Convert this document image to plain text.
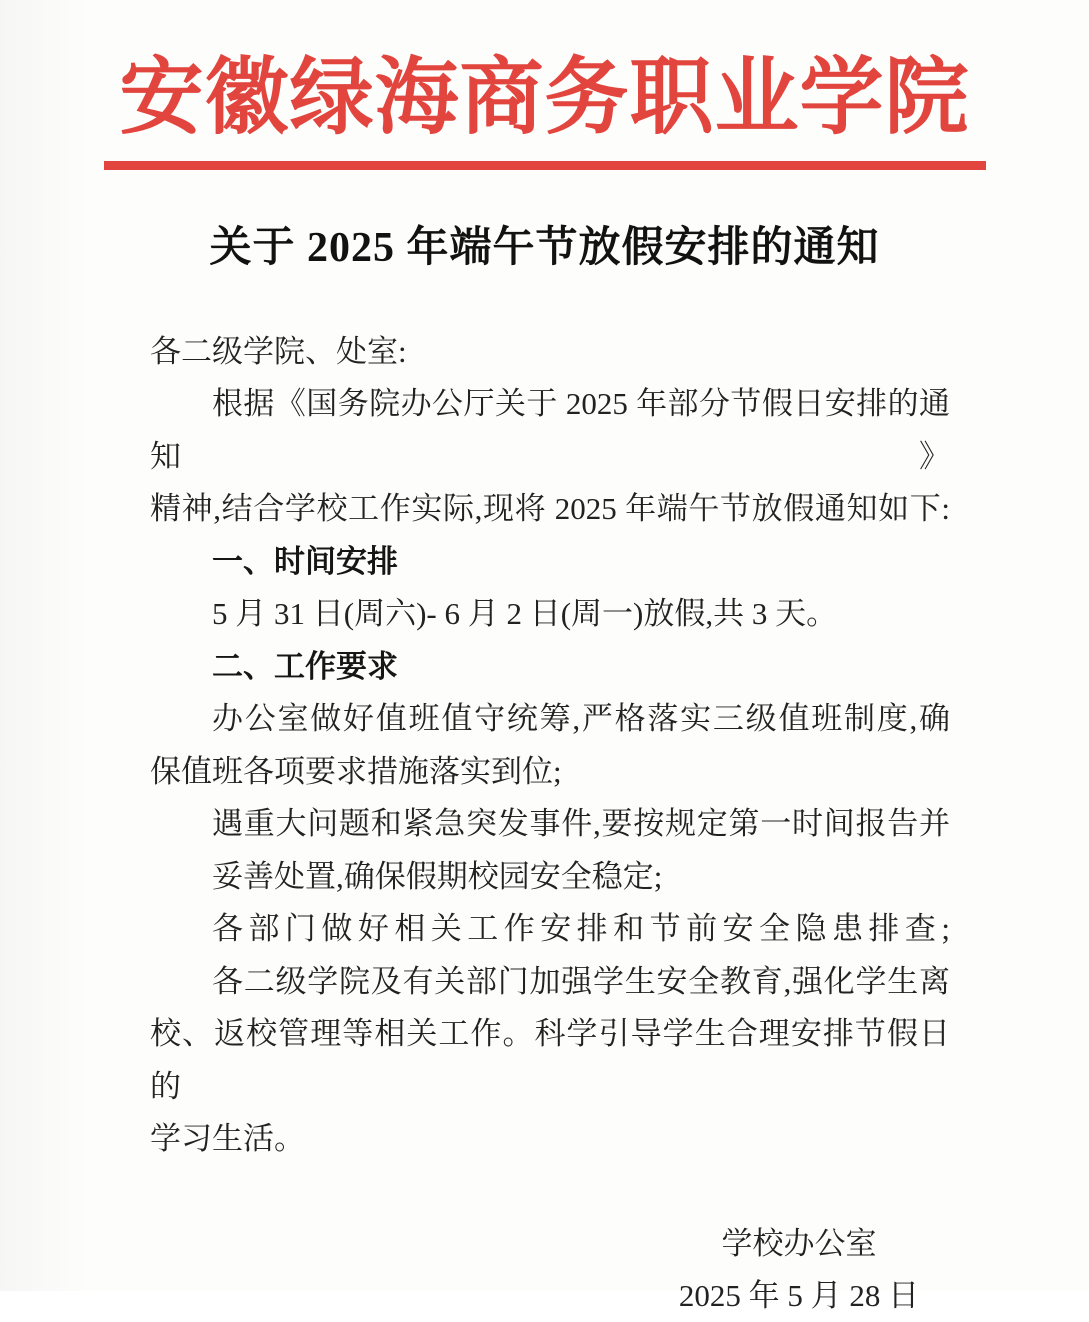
安徽绿海商务职业学院
关于 2025 年端午节放假安排的通知
各二级学院、处室:
根据《国务院办公厅关于 2025 年部分节假日安排的通知》
精神,结合学校工作实际,现将 2025 年端午节放假通知如下:
一、时间安排
5 月 31 日(周六)- 6 月 2 日(周一)放假,共 3 天。
二、工作要求
办公室做好值班值守统筹,严格落实三级值班制度,确
保值班各项要求措施落实到位;
遇重大问题和紧急突发事件,要按规定第一时间报告并
妥善处置,确保假期校园安全稳定;
各部门做好相关工作安排和节前安全隐患排查;
各二级学院及有关部门加强学生安全教育,强化学生离
校、返校管理等相关工作。科学引导学生合理安排节假日的
学习生活。
学校办公室
2025 年 5 月 28 日
